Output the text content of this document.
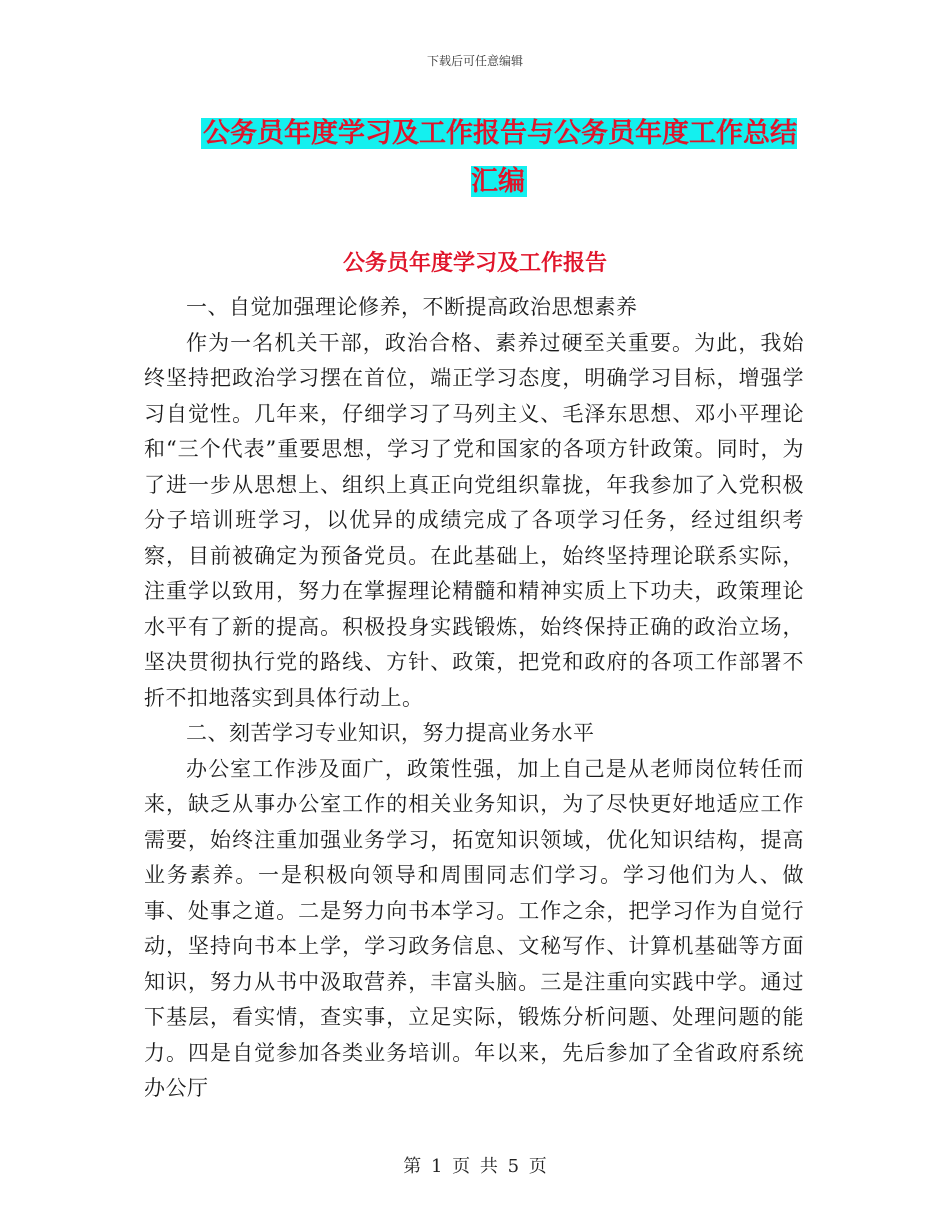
下载后可任意编辑
公务员年度学习及工作报告与公务员年度工作总结汇编
公务员年度学习及工作报告

一、自觉加强理论修养，不断提高政治思想素养

作为一名机关干部，政治合格、素养过硬至关重要。为此，我始终坚持把政治学习摆在首位，端正学习态度，明确学习目标，增强学习自觉性。几年来，仔细学习了马列主义、毛泽东思想、邓小平理论和“三个代表”重要思想，学习了党和国家的各项方针政策。同时，为了进一步从思想上、组织上真正向党组织靠拢，年我参加了入党积极分子培训班学习，以优异的成绩完成了各项学习任务，经过组织考察，目前被确定为预备党员。在此基础上，始终坚持理论联系实际，注重学以致用，努力在掌握理论精髓和精神实质上下功夫，政策理论水平有了新的提高。积极投身实践锻炼，始终保持正确的政治立场，坚决贯彻执行党的路线、方针、政策，把党和政府的各项工作部署不折不扣地落实到具体行动上。

二、刻苦学习专业知识，努力提高业务水平

办公室工作涉及面广，政策性强，加上自己是从老师岗位转任而来，缺乏从事办公室工作的相关业务知识，为了尽快更好地适应工作需要，始终注重加强业务学习，拓宽知识领域，优化知识结构，提高业务素养。一是积极向领导和周围同志们学习。学习他们为人、做事、处事之道。二是努力向书本学习。工作之余，把学习作为自觉行动，坚持向书本上学，学习政务信息、文秘写作、计算机基础等方面知识，努力从书中汲取营养，丰富头脑。三是注重向实践中学。通过下基层，看实情，查实事，立足实际，锻炼分析问题、处理问题的能力。四是自觉参加各类业务培训。年以来，先后参加了全省政府系统办公厅

第 1 页 共 5 页
